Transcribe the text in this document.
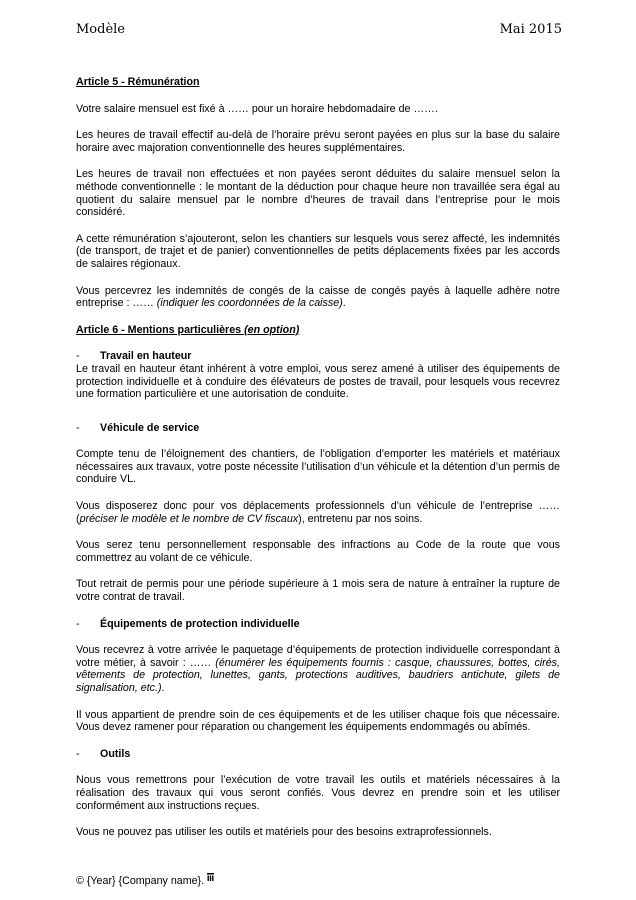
Modèle	Mai 2015
Article 5 - Rémunération

Votre salaire mensuel est fixé à …… pour un horaire hebdomadaire de …….

Les heures de travail effectif au-delà de l’horaire prévu seront payées en plus sur la base du salaire horaire avec majoration conventionnelle des heures supplémentaires.

Les heures de travail non effectuées et non payées seront déduites du salaire mensuel selon la méthode conventionnelle : le montant de la déduction pour chaque heure non travaillée sera égal au quotient du salaire mensuel par le nombre d’heures de travail dans l’entreprise pour le mois considéré.

A cette rémunération s’ajouteront, selon les chantiers sur lesquels vous serez affecté, les indemnités (de transport, de trajet et de panier) conventionnelles de petits déplacements fixées par les accords de salaires régionaux.

Vous percevrez les indemnités de congés de la caisse de congés payés à laquelle adhère notre entreprise : …… (indiquer les coordonnées de la caisse).

Article 6 - Mentions particulières (en option)
- Travail en hauteur

Le travail en hauteur étant inhérent à votre emploi, vous serez amené à utiliser des équipements de protection individuelle et à conduire des élévateurs de postes de travail, pour lesquels vous recevrez une formation particulière et une autorisation de conduite.

- Véhicule de service

Compte tenu de l’éloignement des chantiers, de l’obligation d’emporter les matériels et matériaux nécessaires aux travaux, votre poste nécessite l’utilisation d’un véhicule et la détention d’un permis de conduire VL.

Vous disposerez donc pour vos déplacements professionnels d’un véhicule de l’entreprise …… (préciser le modèle et le nombre de CV fiscaux), entretenu par nos soins.

Vous serez tenu personnellement responsable des infractions au Code de la route que vous commettrez au volant de ce véhicule.

Tout retrait de permis pour une période supérieure à 1 mois sera de nature à entraîner la rupture de votre contrat de travail.

- Équipements de protection individuelle

Vous recevrez à votre arrivée le paquetage d’équipements de protection individuelle correspondant à votre métier, à savoir : …… (énumérer les équipements fournis : casque, chaussures, bottes, cirés, vêtements de protection, lunettes, gants, protections auditives, baudriers antichute, gilets de signalisation, etc.).

Il vous appartient de prendre soin de ces équipements et de les utiliser chaque fois que nécessaire. Vous devez ramener pour réparation ou changement les équipements endommagés ou abîmés.

- Outils

Nous vous remettrons pour l’exécution de votre travail les outils et matériels nécessaires à la réalisation des travaux qui vous seront confiés. Vous devrez en prendre soin et les utiliser conformément aux instructions reçues.

Vous ne pouvez pas utiliser les outils et matériels pour des besoins extraprofessionnels.

© {Year} {Company name}.
